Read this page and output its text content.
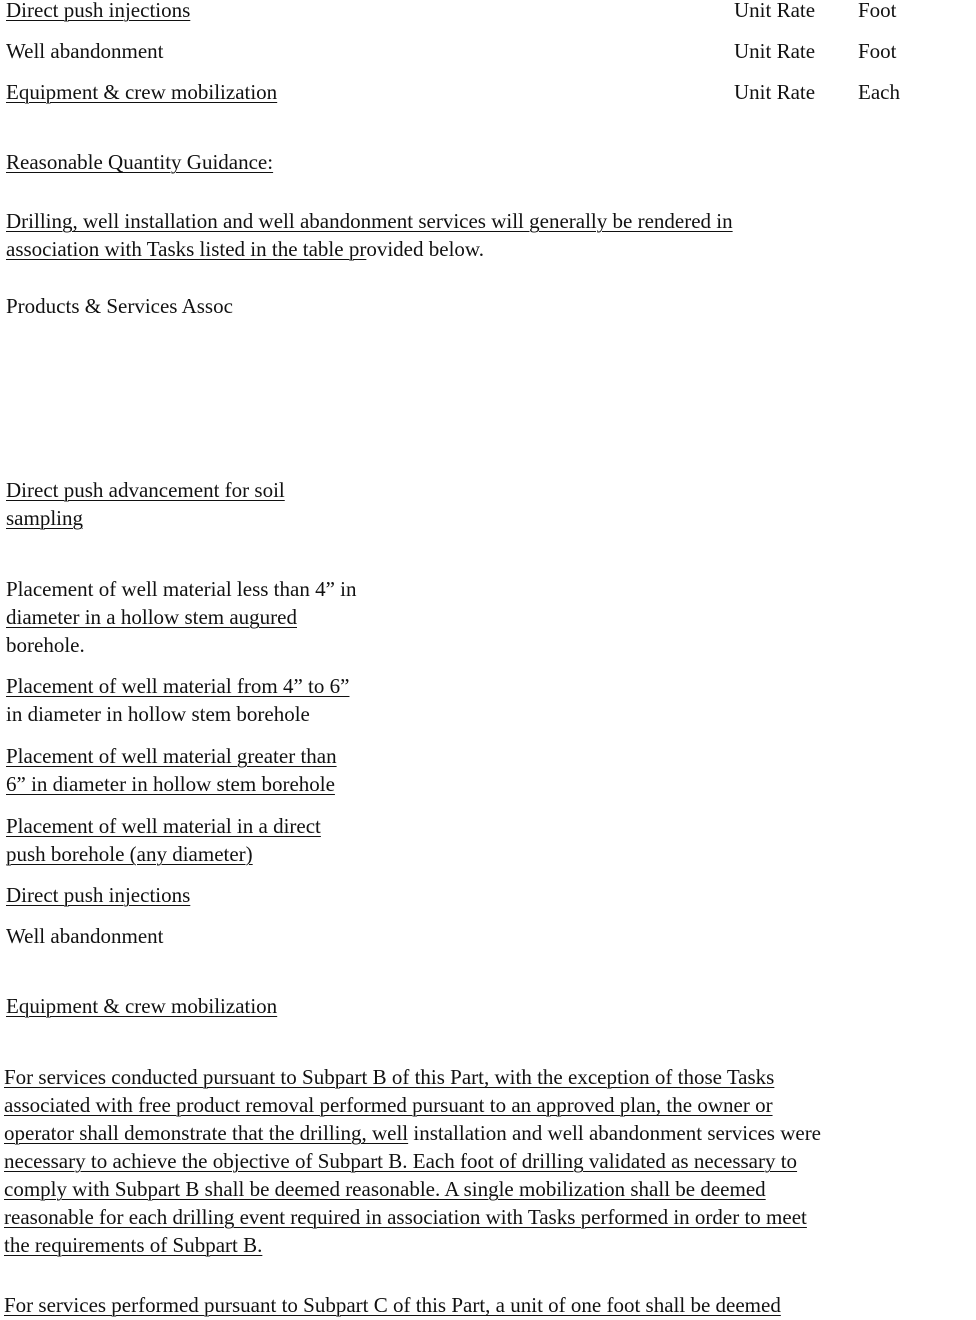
Direct push injections	Unit Rate Foot
Well abandonment	Unit Rate Foot
Equipment & crew mobilization	Unit Rate Each
Reasonable Quantity Guidance:
Drilling, well installation and well abandonment services will generally be rendered in
association with Tasks listed in the table provided below.
Products & Services Assoc
Direct push advancement for soil
sampling
Placement of well material less than 4” in
diameter in a hollow stem augured
borehole.
Placement of well material from 4” to 6”
in diameter in hollow stem borehole
Placement of well material greater than
6” in diameter in hollow stem borehole
Placement of well material in a direct
push borehole (any diameter)
Direct push injections
Well abandonment
Equipment & crew mobilization
For services conducted pursuant to Subpart B of this Part, with the exception of those Tasks
associated with free product removal performed pursuant to an approved plan, the owner or
operator shall demonstrate that the drilling, well installation and well abandonment services were
necessary to achieve the objective of Subpart B. Each foot of drilling validated as necessary to
comply with Subpart B shall be deemed reasonable. A single mobilization shall be deemed
reasonable for each drilling event required in association with Tasks performed in order to meet
the requirements of Subpart B.
For services performed pursuant to Subpart C of this Part, a unit of one foot shall be deemed
